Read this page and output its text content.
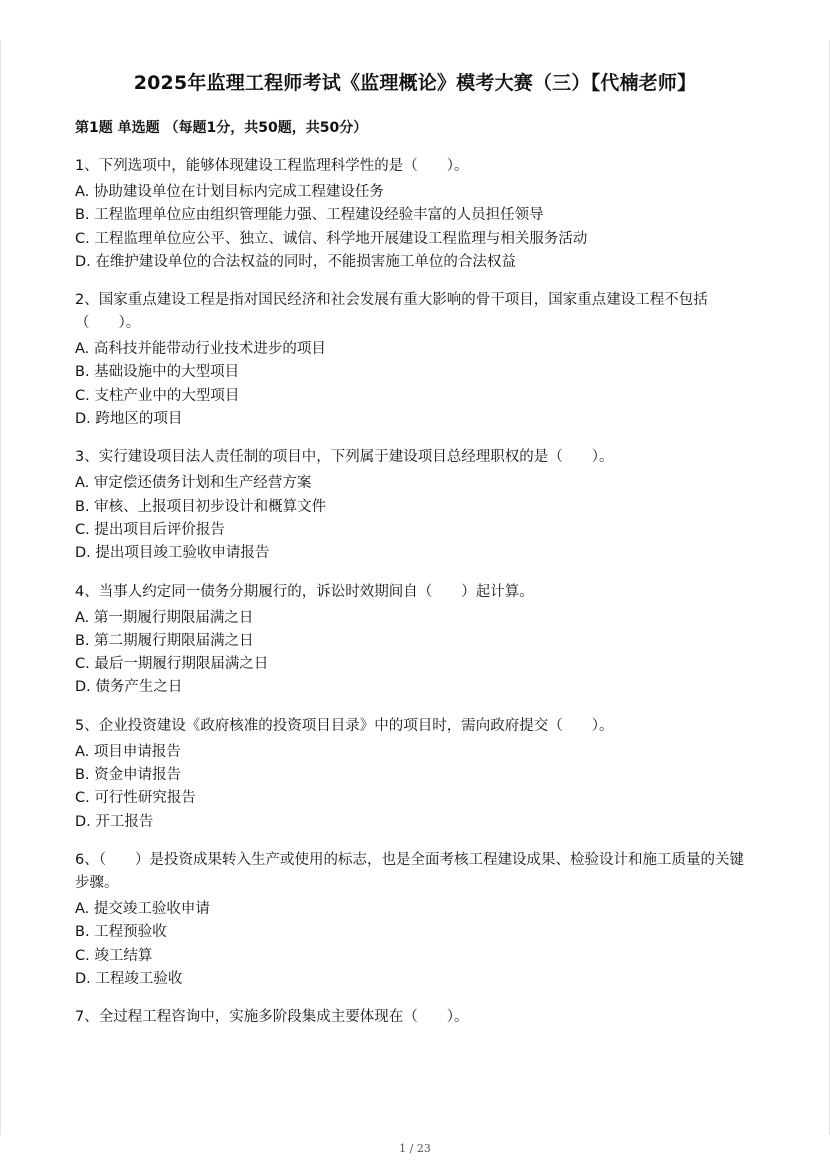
2025年监理工程师考试《监理概论》模考大赛（三）【代楠老师】
第1题 单选题 （每题1分，共50题，共50分）
1、下列选项中，能够体现建设工程监理科学性的是（　　）。
A. 协助建设单位在计划目标内完成工程建设任务
B. 工程监理单位应由组织管理能力强、工程建设经验丰富的人员担任领导
C. 工程监理单位应公平、独立、诚信、科学地开展建设工程监理与相关服务活动
D. 在维护建设单位的合法权益的同时，不能损害施工单位的合法权益
2、国家重点建设工程是指对国民经济和社会发展有重大影响的骨干项目，国家重点建设工程不包括（　　）。
A. 高科技并能带动行业技术进步的项目
B. 基础设施中的大型项目
C. 支柱产业中的大型项目
D. 跨地区的项目
3、实行建设项目法人责任制的项目中，下列属于建设项目总经理职权的是（　　）。
A. 审定偿还债务计划和生产经营方案
B. 审核、上报项目初步设计和概算文件
C. 提出项目后评价报告
D. 提出项目竣工验收申请报告
4、当事人约定同一债务分期履行的，诉讼时效期间自（　　）起计算。
A. 第一期履行期限届满之日
B. 第二期履行期限届满之日
C. 最后一期履行期限届满之日
D. 债务产生之日
5、企业投资建设《政府核准的投资项目目录》中的项目时，需向政府提交（　　）。
A. 项目申请报告
B. 资金申请报告
C. 可行性研究报告
D. 开工报告
6、（　　）是投资成果转入生产或使用的标志，也是全面考核工程建设成果、检验设计和施工质量的关键步骤。
A. 提交竣工验收申请
B. 工程预验收
C. 竣工结算
D. 工程竣工验收
7、全过程工程咨询中，实施多阶段集成主要体现在（　　）。
1 / 23
